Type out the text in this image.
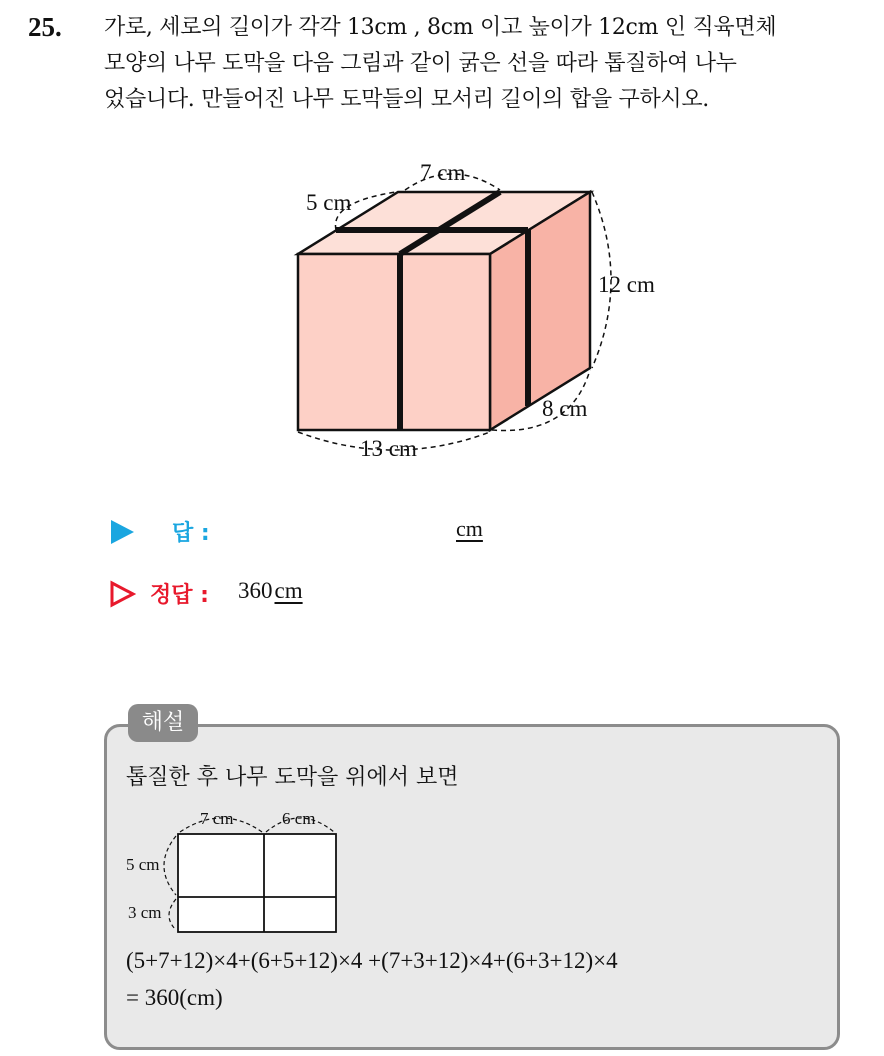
25. 가로, 세로의 길이가 각각 13cm , 8cm 이고 높이가 12cm 인 직육면체
모양의 나무 도막을 다음 그림과 같이 굵은 선을 따라 톱질하여 나누
었습니다. 만들어진 나무 도막들의 모서리 길이의 합을 구하시오.
7 cm
5 cm
12 cm
8 cm
13 cm
답 :	cm
정답 : 360cm
해설
톱질한 후 나무 도막을 위에서 보면
7 cm	6 cm
5 cm
3 cm
(5+7+12)×4+(6+5+12)×4 +(7+3+12)×4+(6+3+12)×4
= 360(cm)
